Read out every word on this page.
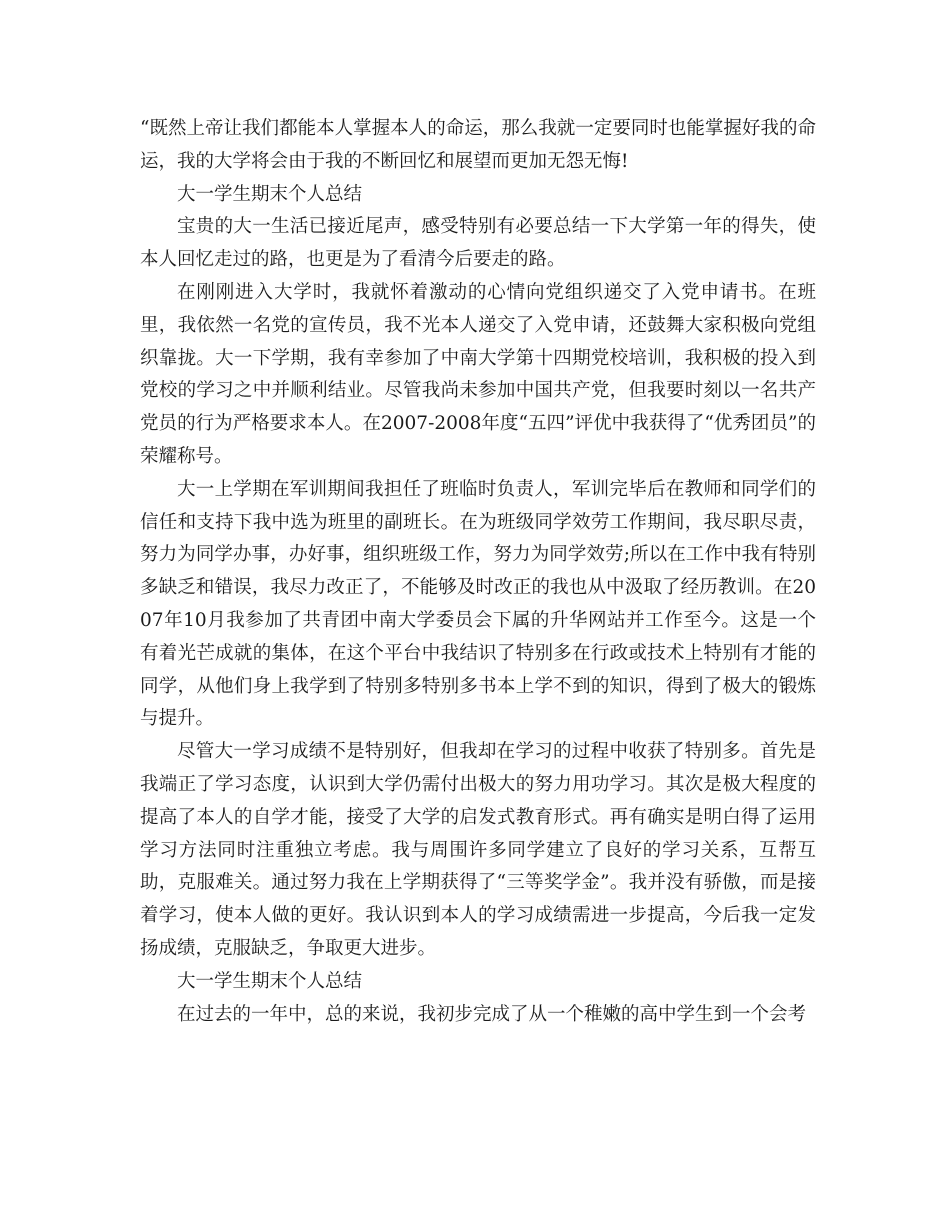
“既然上帝让我们都能本人掌握本人的命运，那么我就一定要同时也能掌握好我的命运，我的大学将会由于我的不断回忆和展望而更加无怨无悔!

大一学生期末个人总结

宝贵的大一生活已接近尾声，感受特别有必要总结一下大学第一年的得失，使本人回忆走过的路，也更是为了看清今后要走的路。

在刚刚进入大学时，我就怀着激动的心情向党组织递交了入党申请书。在班里，我依然一名党的宣传员，我不光本人递交了入党申请，还鼓舞大家积极向党组织靠拢。大一下学期，我有幸参加了中南大学第十四期党校培训，我积极的投入到党校的学习之中并顺利结业。尽管我尚未参加中国共产党，但我要时刻以一名共产党员的行为严格要求本人。在2007-2008年度“五四”评优中我获得了“优秀团员”的荣耀称号。

大一上学期在军训期间我担任了班临时负责人，军训完毕后在教师和同学们的信任和支持下我中选为班里的副班长。在为班级同学效劳工作期间，我尽职尽责，努力为同学办事，办好事，组织班级工作，努力为同学效劳;所以在工作中我有特别多缺乏和错误，我尽力改正了，不能够及时改正的我也从中汲取了经历教训。在2007年10月我参加了共青团中南大学委员会下属的升华网站并工作至今。这是一个有着光芒成就的集体，在这个平台中我结识了特别多在行政或技术上特别有才能的同学，从他们身上我学到了特别多特别多书本上学不到的知识，得到了极大的锻炼与提升。

尽管大一学习成绩不是特别好，但我却在学习的过程中收获了特别多。首先是我端正了学习态度，认识到大学仍需付出极大的努力用功学习。其次是极大程度的提高了本人的自学才能，接受了大学的启发式教育形式。再有确实是明白得了运用学习方法同时注重独立考虑。我与周围许多同学建立了良好的学习关系，互帮互助，克服难关。通过努力我在上学期获得了“三等奖学金”。我并没有骄傲，而是接着学习，使本人做的更好。我认识到本人的学习成绩需进一步提高，今后我一定发扬成绩，克服缺乏，争取更大进步。

大一学生期末个人总结

在过去的一年中，总的来说，我初步完成了从一个稚嫩的高中学生到一个会考
